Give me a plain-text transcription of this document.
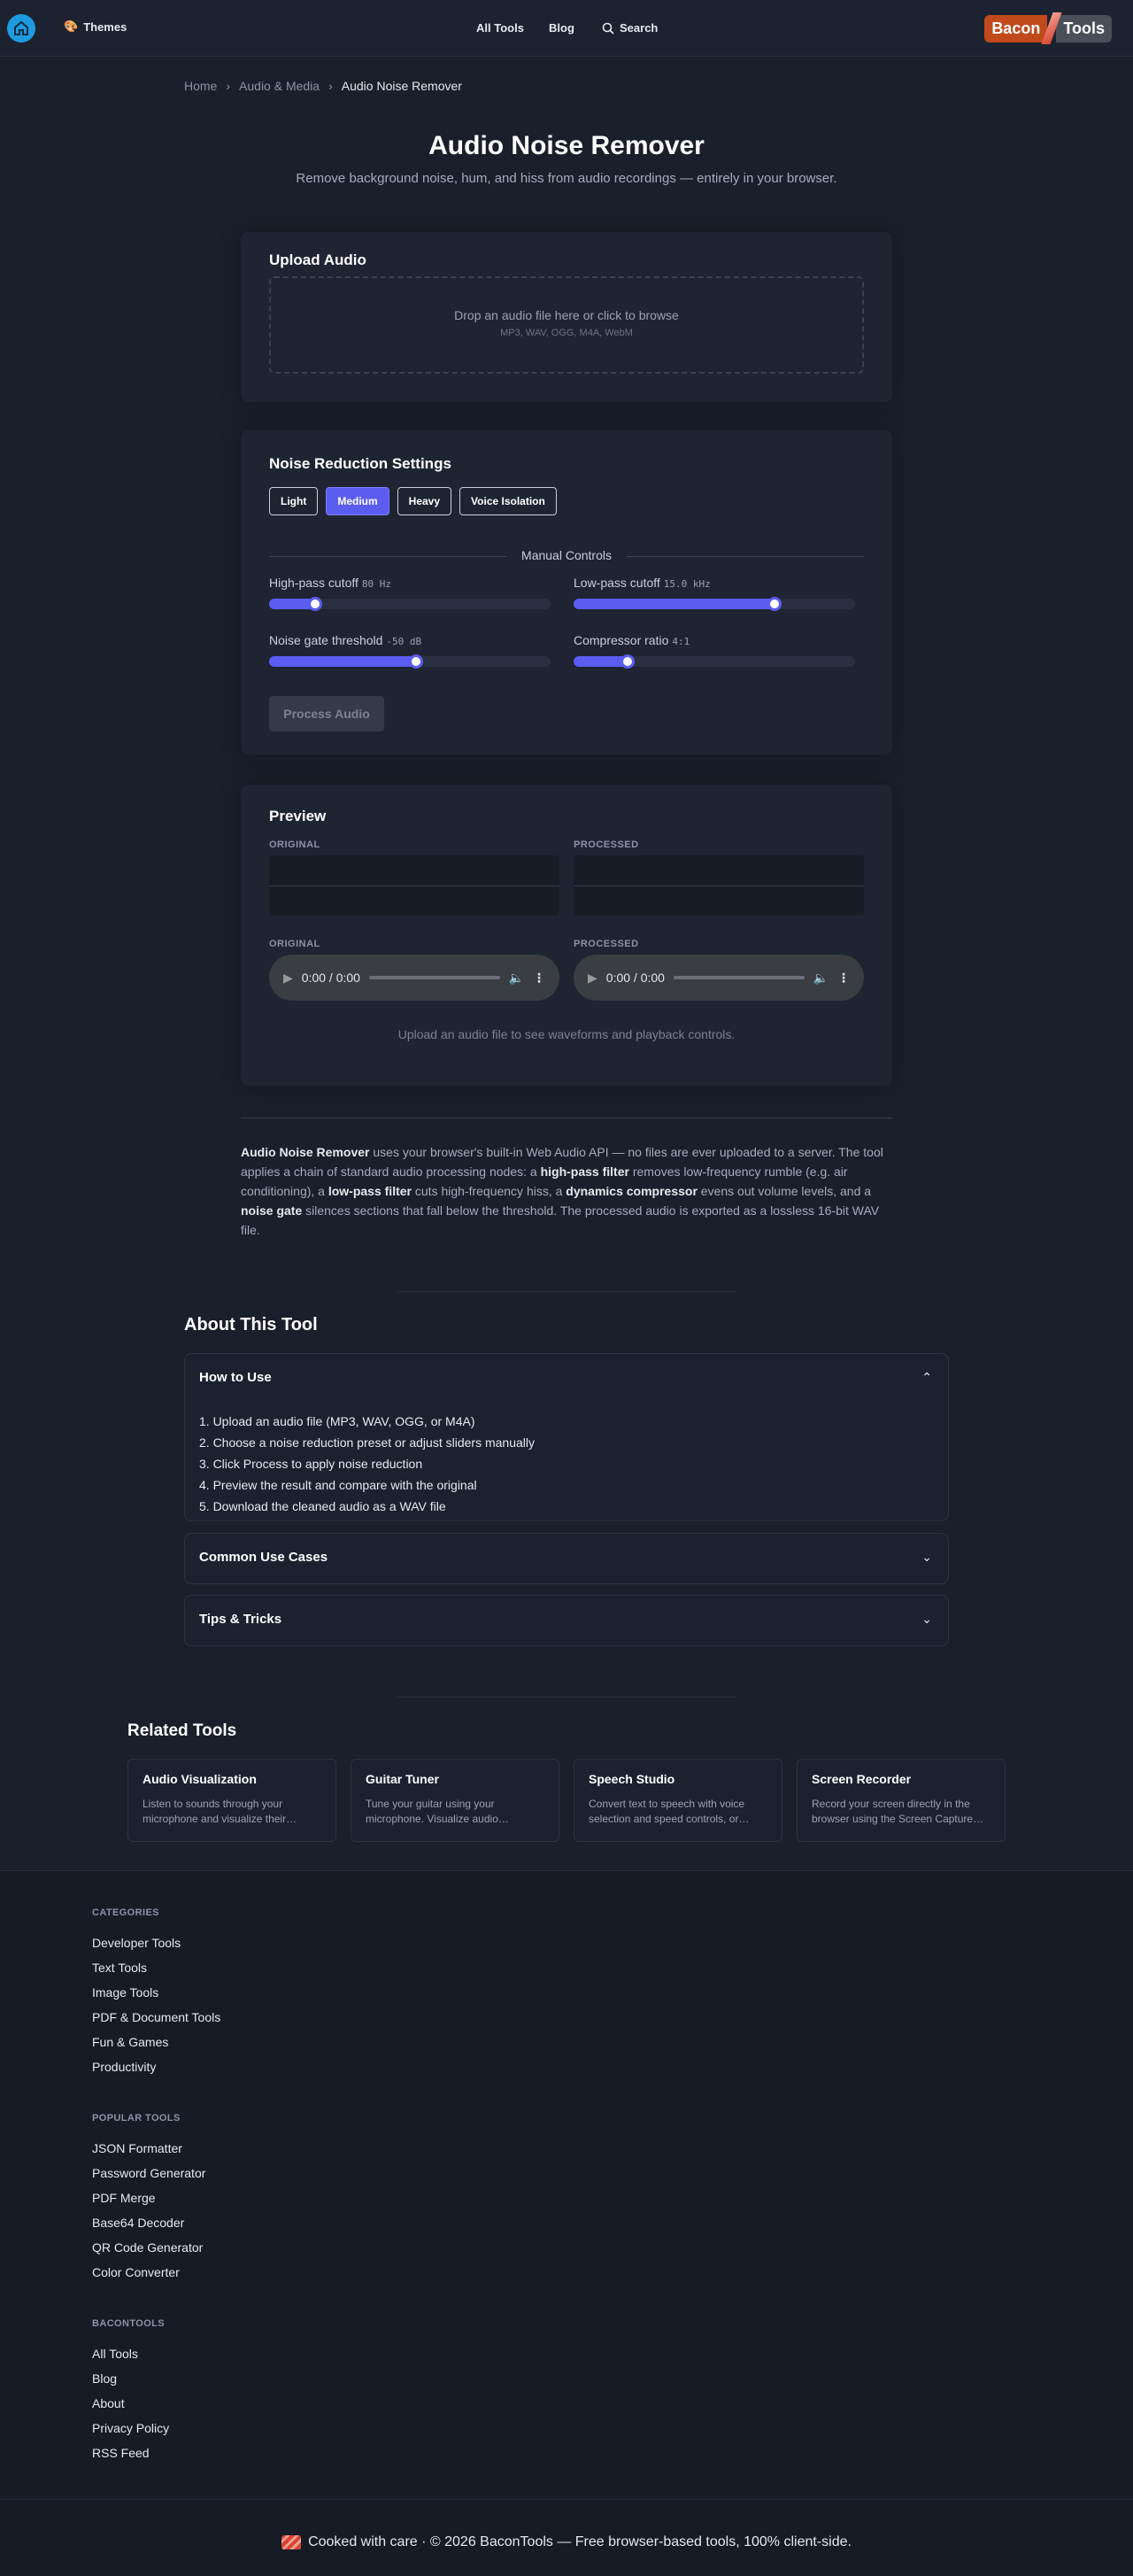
🎨 Themes	All Tools Blog	Search	Bacon	Tools
Home › Audio & Media › Audio Noise Remover
Audio Noise Remover
Remove background noise, hum, and hiss from audio recordings — entirely in your browser.
Upload Audio
Drop an audio file here or click to browse
MP3, WAV, OGG, M4A, WebM
Noise Reduction Settings
Light	Medium	Heavy	Voice Isolation
Manual Controls
High-pass cutoff 80 Hz	Low-pass cutoff 15.0 kHz
Noise gate threshold -50 dB	Compressor ratio 4:1
Process Audio
Preview
ORIGINAL	PROCESSED
ORIGINAL	PROCESSED
▶ 0:00 / 0:00	🔈 ⋮	▶ 0:00 / 0:00	🔈 ⋮
Upload an audio file to see waveforms and playback controls.
Audio Noise Remover uses your browser's built-in Web Audio API — no files are ever uploaded to a server. The tool applies a chain of standard audio processing nodes: a high-pass filter removes low-frequency rumble (e.g. air conditioning), a low-pass filter cuts high-frequency hiss, a dynamics compressor evens out volume levels, and a noise gate silences sections that fall below the threshold. The processed audio is exported as a lossless 16-bit WAV file.
About This Tool
How to Use	⌃
1. Upload an audio file (MP3, WAV, OGG, or M4A)
2. Choose a noise reduction preset or adjust sliders manually
3. Click Process to apply noise reduction
4. Preview the result and compare with the original
5. Download the cleaned audio as a WAV file
Common Use Cases	⌄
Tips & Tricks	⌄
Related Tools
Audio Visualization
Listen to sounds through your microphone and visualize their…
Guitar Tuner
Tune your guitar using your microphone. Visualize audio…
Speech Studio
Convert text to speech with voice selection and speed controls, or…
Screen Recorder
Record your screen directly in the browser using the Screen Capture…
CATEGORIES
Developer Tools
Text Tools
Image Tools
PDF & Document Tools
Fun & Games
Productivity
POPULAR TOOLS
JSON Formatter
Password Generator
PDF Merge
Base64 Decoder
QR Code Generator
Color Converter
BACONTOOLS
All Tools
Blog
About
Privacy Policy
RSS Feed
Cooked with care · © 2026 BaconTools — Free browser-based tools, 100% client-side.
